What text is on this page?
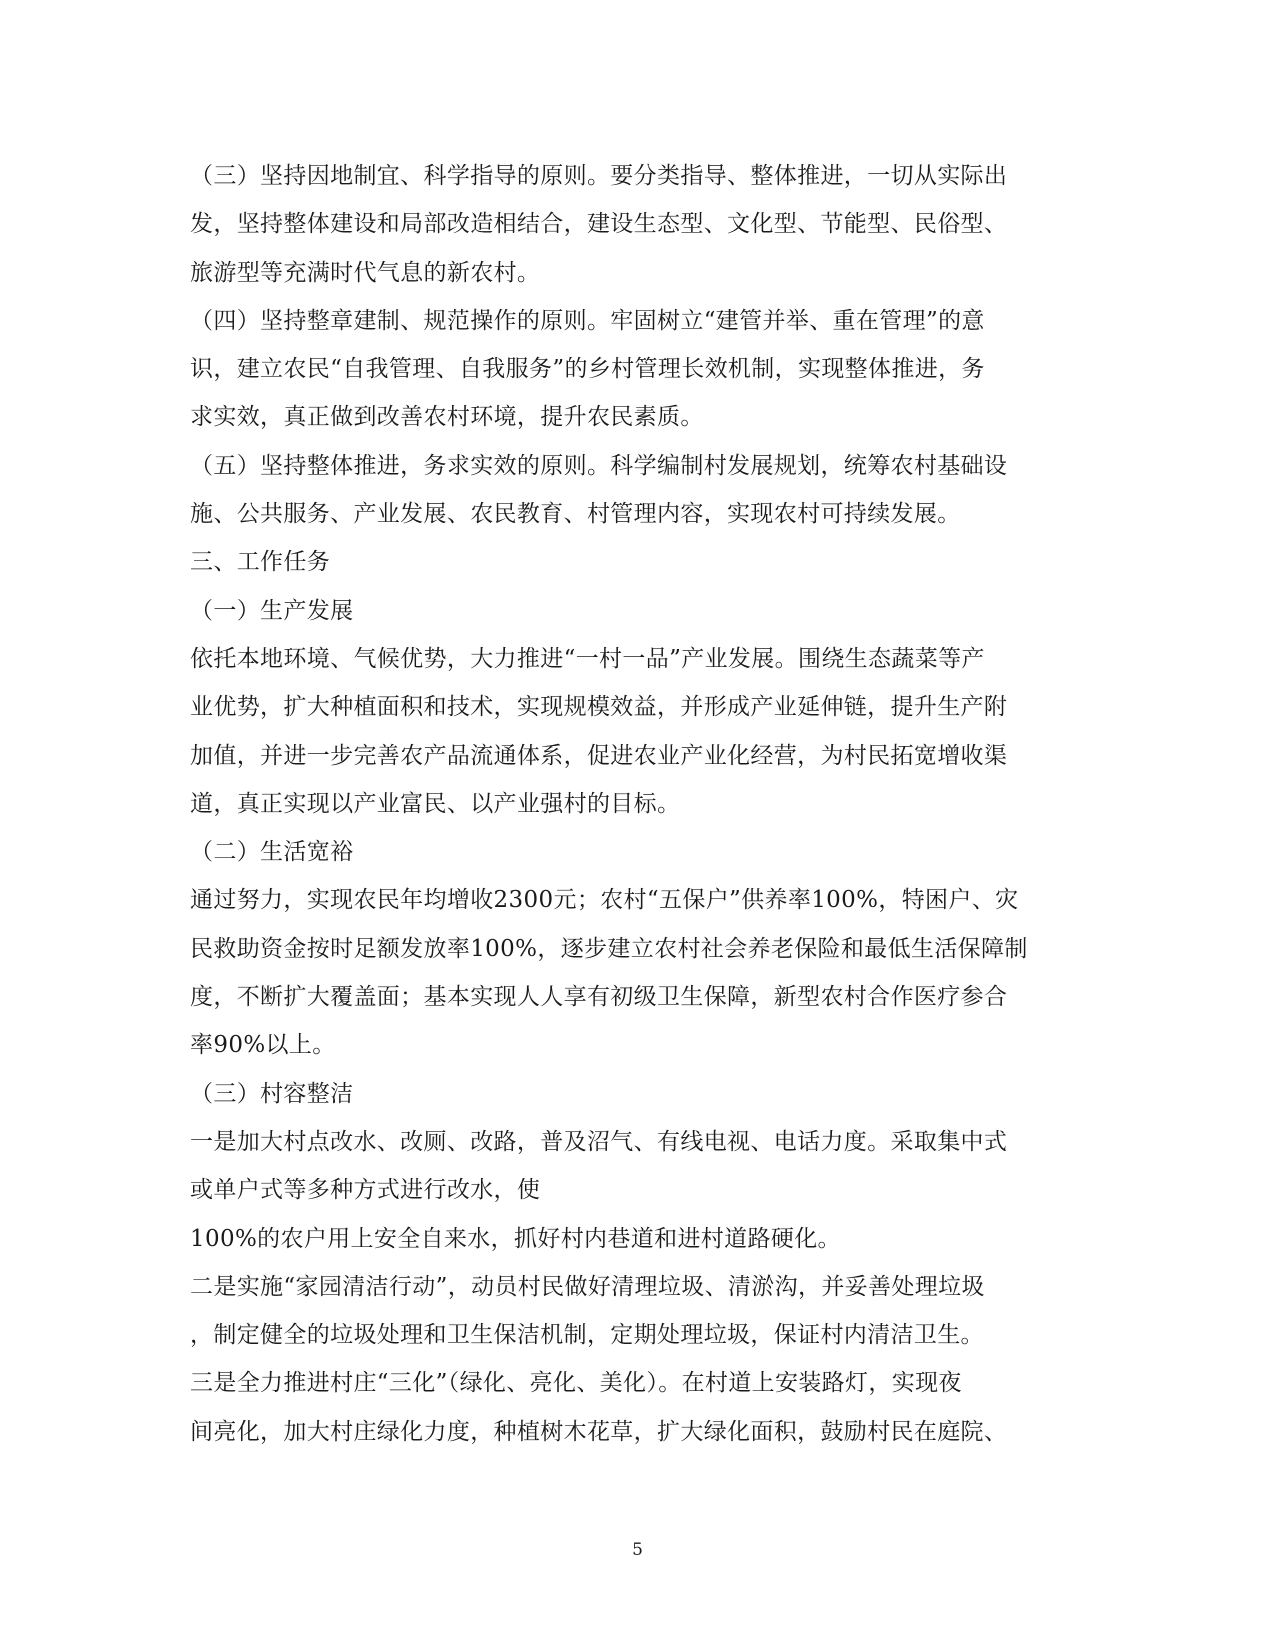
（三）坚持因地制宜、科学指导的原则。要分类指导、整体推进，一切从实际出
发，坚持整体建设和局部改造相结合，建设生态型、文化型、节能型、民俗型、
旅游型等充满时代气息的新农村。
（四）坚持整章建制、规范操作的原则。牢固树立“建管并举、重在管理”的意
识，建立农民“自我管理、自我服务”的乡村管理长效机制，实现整体推进，务
求实效，真正做到改善农村环境，提升农民素质。
（五）坚持整体推进，务求实效的原则。科学编制村发展规划，统筹农村基础设
施、公共服务、产业发展、农民教育、村管理内容，实现农村可持续发展。
三、工作任务
（一）生产发展
依托本地环境、气候优势，大力推进“一村一品”产业发展。围绕生态蔬菜等产
业优势，扩大种植面积和技术，实现规模效益，并形成产业延伸链，提升生产附
加值，并进一步完善农产品流通体系，促进农业产业化经营，为村民拓宽增收渠
道，真正实现以产业富民、以产业强村的目标。
（二）生活宽裕
通过努力，实现农民年均增收2300元；农村“五保户”供养率100%，特困户、灾
民救助资金按时足额发放率100%，逐步建立农村社会养老保险和最低生活保障制
度，不断扩大覆盖面；基本实现人人享有初级卫生保障，新型农村合作医疗参合
率90%以上。
（三）村容整洁
一是加大村点改水、改厕、改路，普及沼气、有线电视、电话力度。采取集中式
或单户式等多种方式进行改水，使
100%的农户用上安全自来水，抓好村内巷道和进村道路硬化。
二是实施“家园清洁行动”，动员村民做好清理垃圾、清淤沟，并妥善处理垃圾
，制定健全的垃圾处理和卫生保洁机制，定期处理垃圾，保证村内清洁卫生。
三是全力推进村庄“三化”（绿化、亮化、美化）。在村道上安装路灯，实现夜
间亮化，加大村庄绿化力度，种植树木花草，扩大绿化面积，鼓励村民在庭院、
5
